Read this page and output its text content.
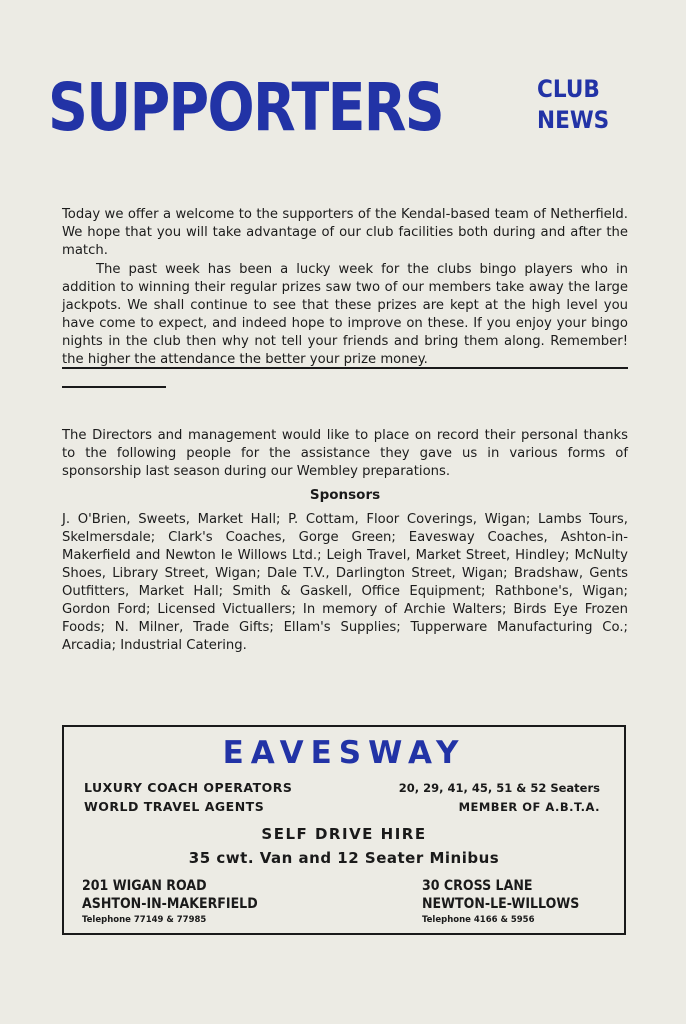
SUPPORTERS	CLUB
NEWS

Today we offer a welcome to the supporters of the Kendal-based team of Netherfield. We hope that you will take advantage of our club facilities both during and after the match.

The past week has been a lucky week for the clubs bingo players who in addition to winning their regular prizes saw two of our members take away the large jackpots. We shall continue to see that these prizes are kept at the high level you have come to expect, and indeed hope to improve on these. If you enjoy your bingo nights in the club then why not tell your friends and bring them along. Remember! the higher the attendance the better your prize money.

The Directors and management would like to place on record their personal thanks to the following people for the assistance they gave us in various forms of sponsorship last season during our Wembley preparations.

Sponsors

J. O'Brien, Sweets, Market Hall; P. Cottam, Floor Coverings, Wigan; Lambs Tours, Skelmersdale; Clark's Coaches, Gorge Green; Eavesway Coaches, Ashton-in-Makerfield and Newton le Willows Ltd.; Leigh Travel, Market Street, Hindley; McNulty Shoes, Library Street, Wigan; Dale T.V., Darlington Street, Wigan; Bradshaw, Gents Outfitters, Market Hall; Smith & Gaskell, Office Equipment; Rathbone's, Wigan; Gordon Ford; Licensed Victuallers; In memory of Archie Walters; Birds Eye Frozen Foods; N. Milner, Trade Gifts; Ellam's Supplies; Tupperware Manufacturing Co.; Arcadia; Industrial Catering.

EAVESWAY
LUXURY COACH OPERATORS
WORLD TRAVEL AGENTS
20, 29, 41, 45, 51 & 52 Seaters
MEMBER OF A.B.T.A.
SELF DRIVE HIRE
35 cwt. Van and 12 Seater Minibus
201 WIGAN ROAD
ASHTON-IN-MAKERFIELD
Telephone 77149 & 77985
30 CROSS LANE
NEWTON-LE-WILLOWS
Telephone 4166 & 5956
